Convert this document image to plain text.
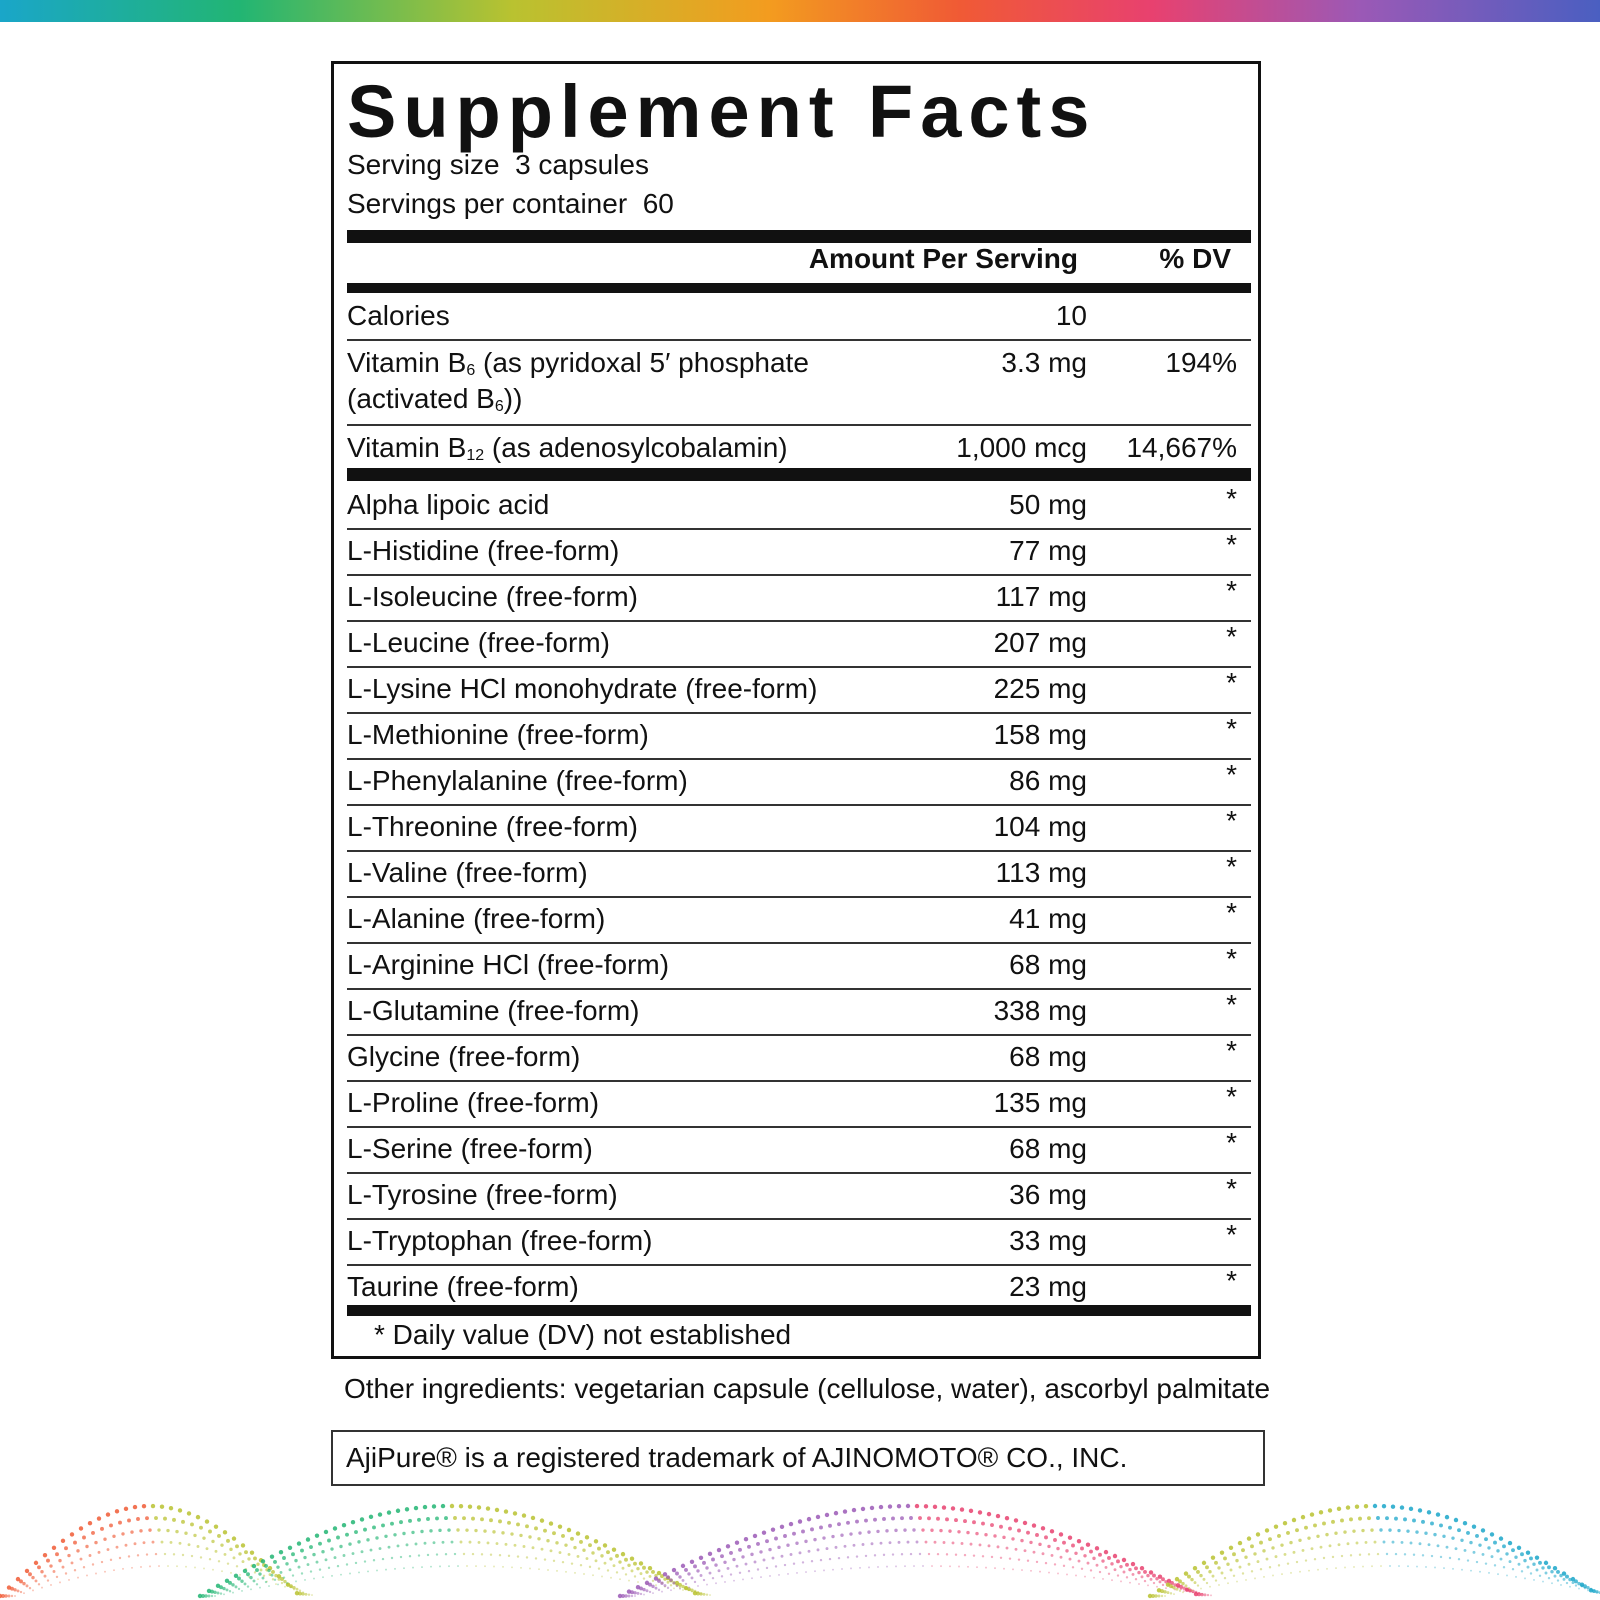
Supplement Facts
Serving size 3 capsules
Servings per container 60
Amount Per Serving	% DV
Calories	10
Vitamin $B_6$ (as pyridoxal 5′ phosphate
(activated $B_6$))
3.3 mg	194%
Vitamin $B_{12}$ (as adenosylcobalamin)	1,000 mcg 14,667%
Alpha lipoic acid	50 mg	*
L-Histidine (free-form)	77 mg	*
L-Isoleucine (free-form)	117 mg	*
L-Leucine (free-form)	207 mg	*
L-Lysine HCl monohydrate (free-form)	225 mg	*
L-Methionine (free-form)	158 mg	*
L-Phenylalanine (free-form)	86 mg	*
L-Threonine (free-form)	104 mg	*
L-Valine (free-form)	113 mg	*
L-Alanine (free-form)	41 mg	*
L-Arginine HCl (free-form)	68 mg	*
L-Glutamine (free-form)	338 mg	*
Glycine (free-form)	68 mg	*
L-Proline (free-form)	135 mg	*
L-Serine (free-form)	68 mg	*
L-Tyrosine (free-form)	36 mg	*
L-Tryptophan (free-form)	33 mg	*
Taurine (free-form)	23 mg	*
* Daily value (DV) not established
Other ingredients: vegetarian capsule (cellulose, water), ascorbyl palmitate
AjiPure® is a registered trademark of AJINOMOTO® CO., INC.
